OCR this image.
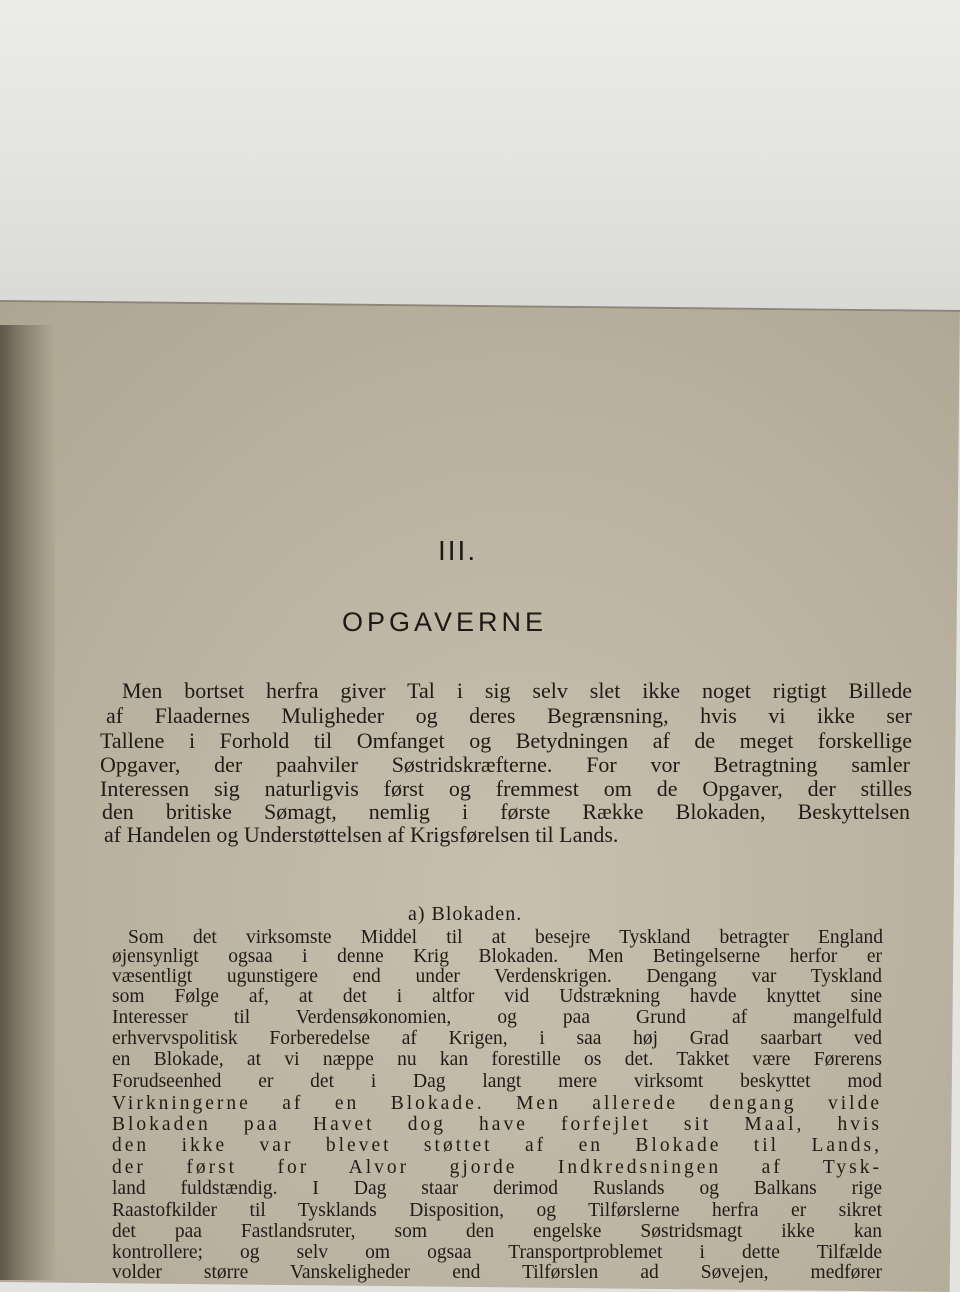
III.
OPGAVERNE
Men bortset herfra giver Tal i sig selv slet ikke noget rigtigt Billede
af Flaadernes Muligheder og deres Begrænsning, hvis vi ikke ser
Tallene i Forhold til Omfanget og Betydningen af de meget forskellige
Opgaver, der paahviler Søstridskræfterne. For vor Betragtning samler
Interessen sig naturligvis først og fremmest om de Opgaver, der stilles
den britiske Sømagt, nemlig i første Række Blokaden, Beskyttelsen
af Handelen og Understøttelsen af Krigsførelsen til Lands.
a) Blokaden.
Som det virksomste Middel til at besejre Tyskland betragter England
øjensynligt ogsaa i denne Krig Blokaden. Men Betingelserne herfor er
væsentligt ugunstigere end under Verdenskrigen. Dengang var Tyskland
som Følge af, at det i altfor vid Udstrækning havde knyttet sine
Interesser til Verdensøkonomien, og paa Grund af mangelfuld
erhvervspolitisk Forberedelse af Krigen, i saa høj Grad saarbart ved
en Blokade, at vi næppe nu kan forestille os det. Takket være Førerens
Forudseenhed er det i Dag langt mere virksomt beskyttet mod
Virkningerne af en Blokade. Men allerede dengang vilde
Blokaden paa Havet dog have forfejlet sit Maal, hvis
den ikke var blevet støttet af en Blokade til Lands,
der først for Alvor gjorde Indkredsningen af Tysk-
land fuldstændig. I Dag staar derimod Ruslands og Balkans rige
Raastofkilder til Tysklands Disposition, og Tilførslerne herfra er sikret
det paa Fastlandsruter, som den engelske Søstridsmagt ikke kan
kontrollere; og selv om ogsaa Transportproblemet i dette Tilfælde
volder større Vanskeligheder end Tilførslen ad Søvejen, medfører
